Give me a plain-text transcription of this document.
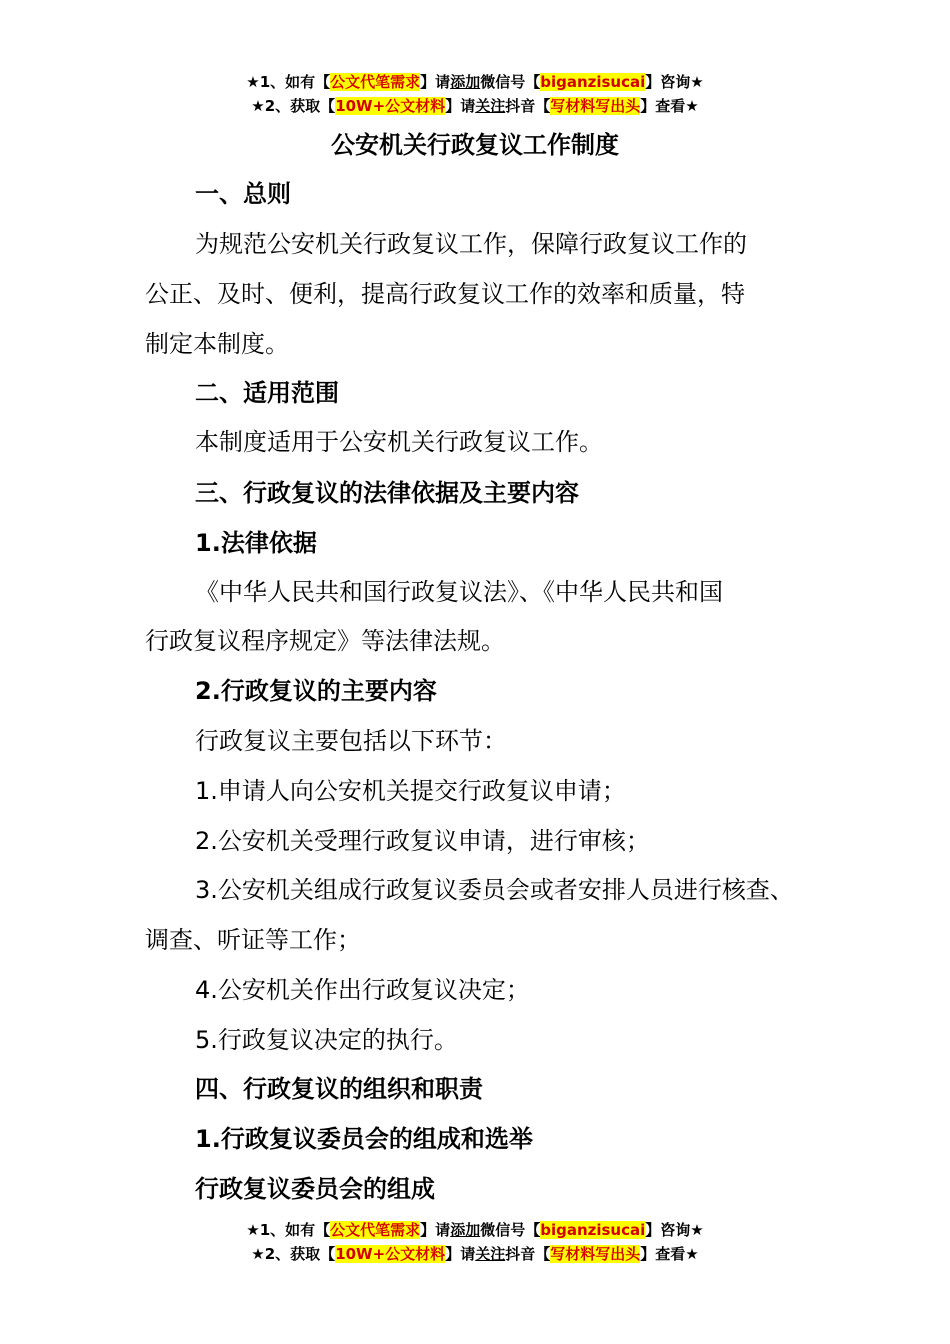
★1、如有【公文代笔需求】请添加微信号【biganzisucai】咨询★
★2、获取【10W+公文材料】请关注抖音【写材料写出头】查看★
公安机关行政复议工作制度
一、总则
为规范公安机关行政复议工作，保障行政复议工作的
公正、及时、便利，提高行政复议工作的效率和质量，特
制定本制度。
二、适用范围
本制度适用于公安机关行政复议工作。
三、行政复议的法律依据及主要内容
1.法律依据
《中华人民共和国行政复议法》、《中华人民共和国
行政复议程序规定》等法律法规。
2.行政复议的主要内容
行政复议主要包括以下环节：
1.申请人向公安机关提交行政复议申请；
2.公安机关受理行政复议申请，进行审核；
3.公安机关组成行政复议委员会或者安排人员进行核查、
调查、听证等工作；
4.公安机关作出行政复议决定；
5.行政复议决定的执行。
四、行政复议的组织和职责
1.行政复议委员会的组成和选举
行政复议委员会的组成
★1、如有【公文代笔需求】请添加微信号【biganzisucai】咨询★
★2、获取【10W+公文材料】请关注抖音【写材料写出头】查看★
